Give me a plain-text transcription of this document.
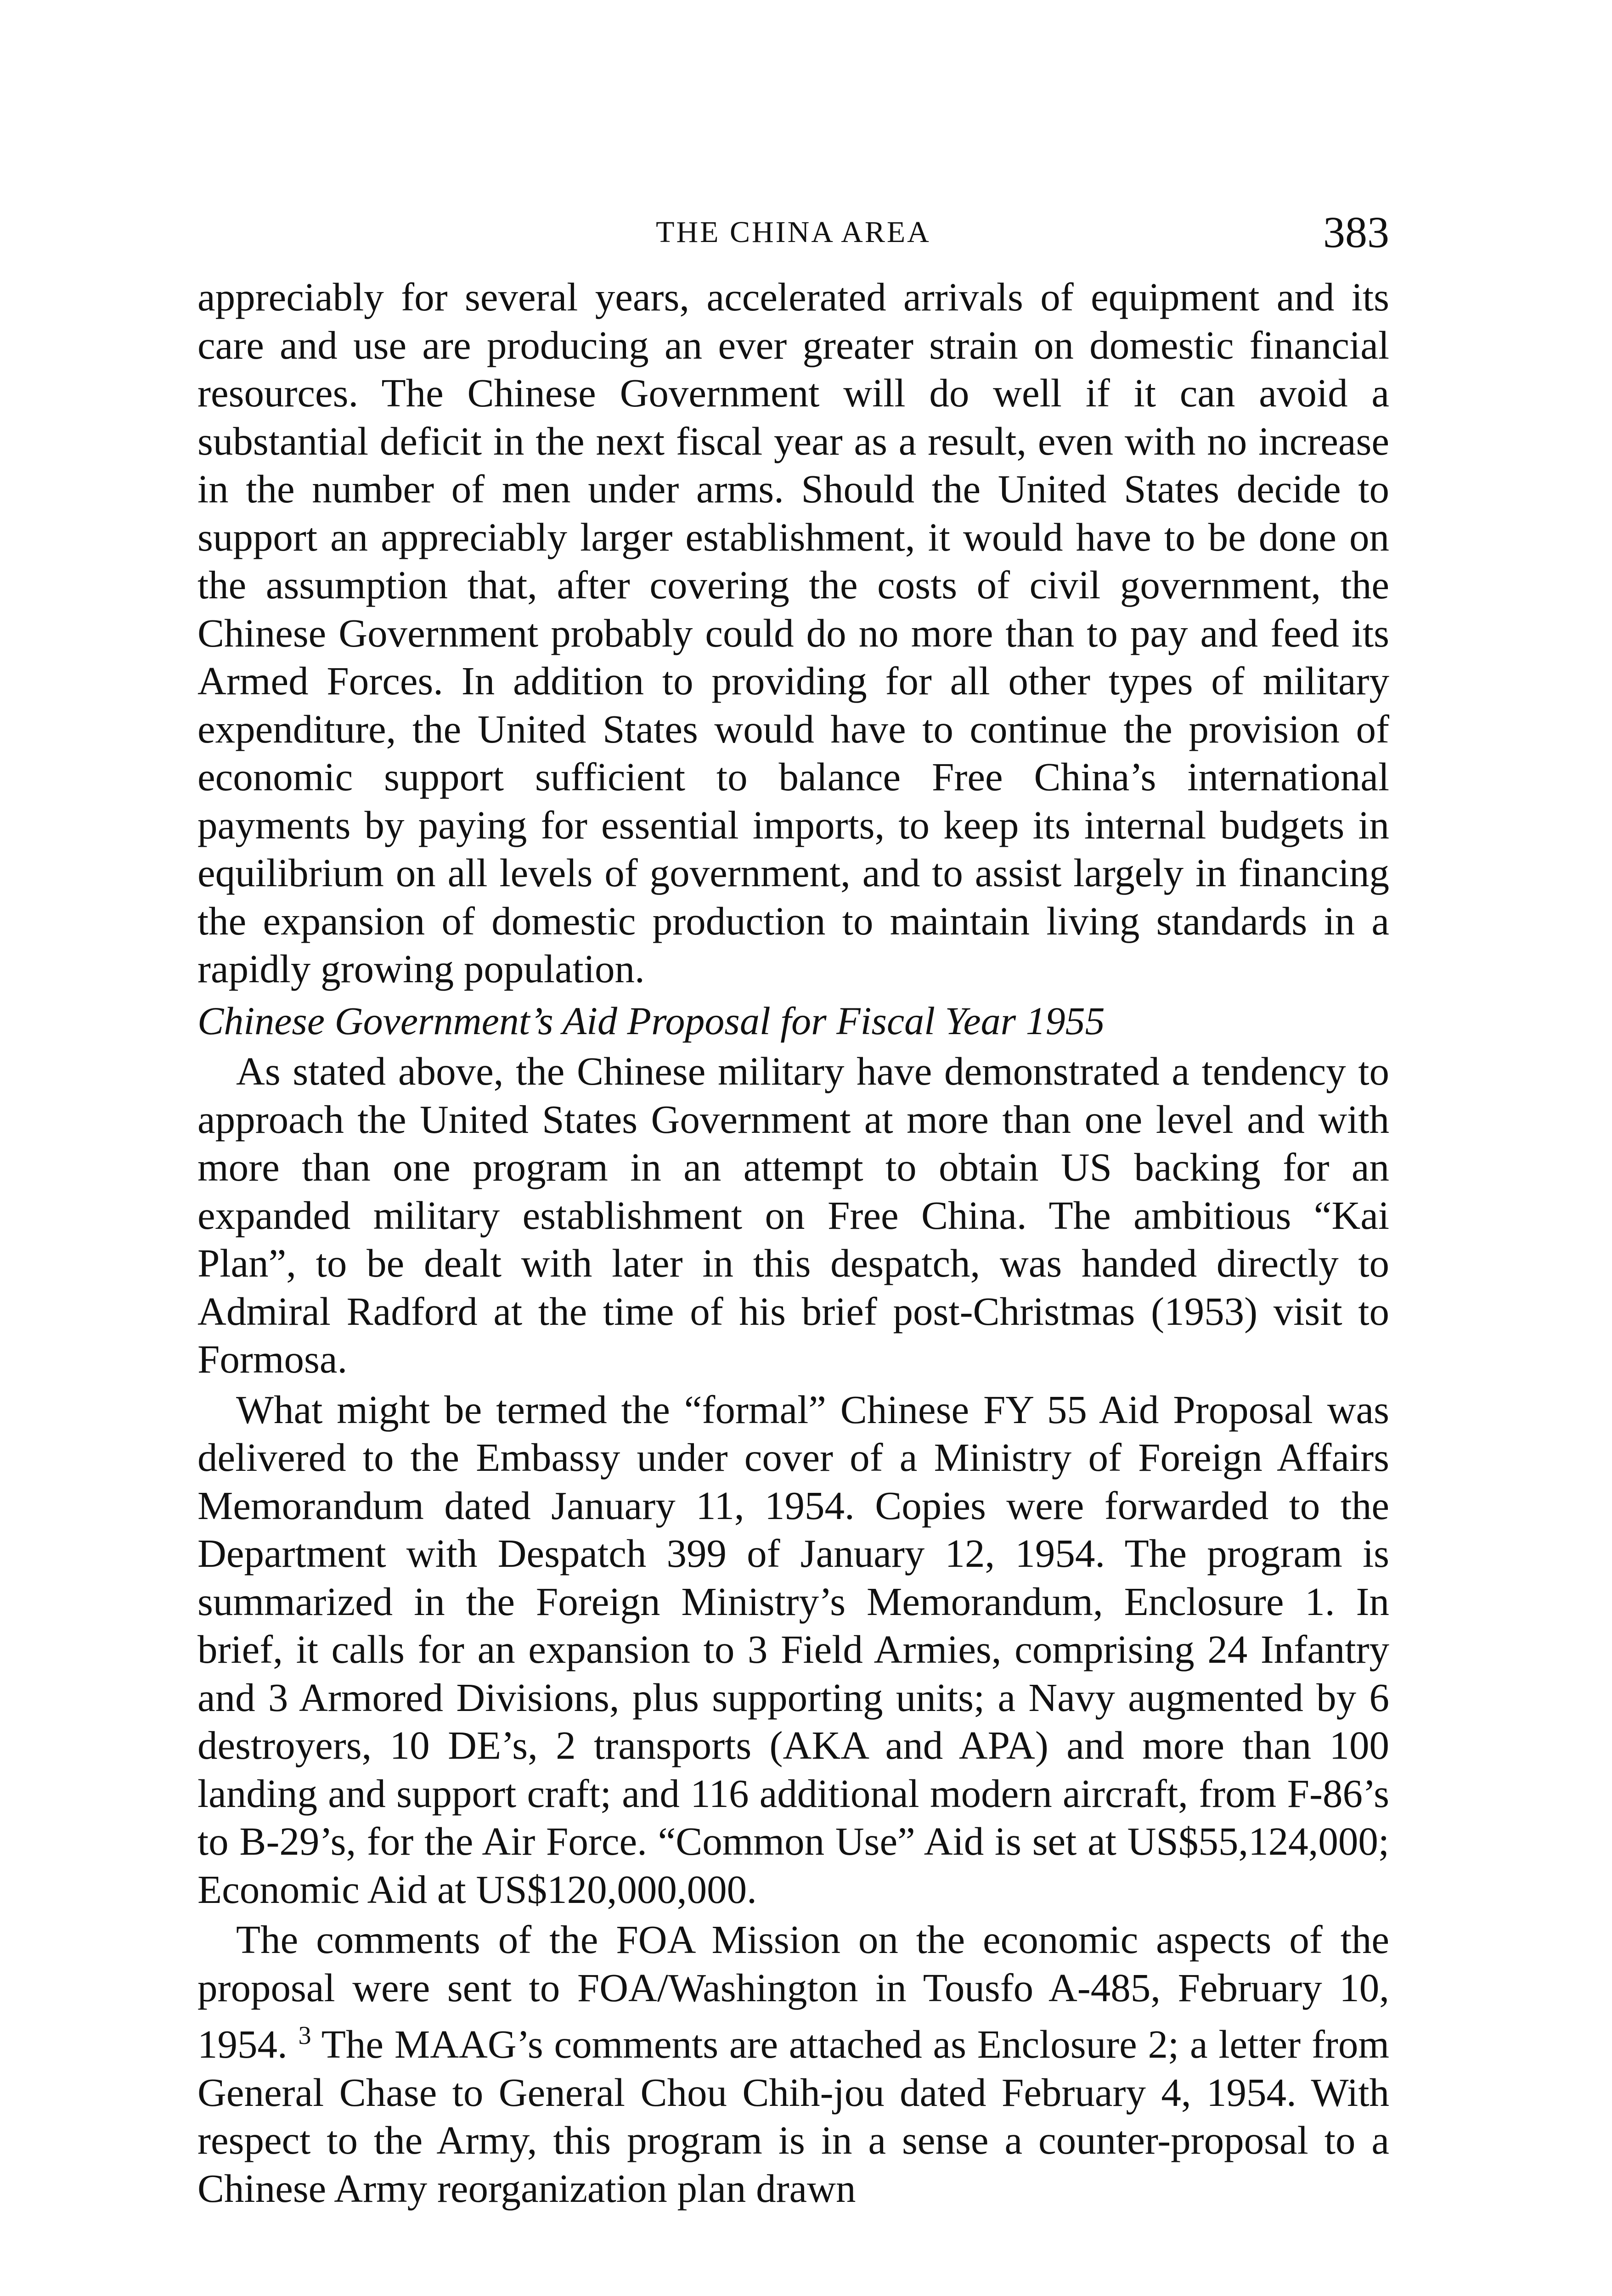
THE CHINA AREA	383

appreciably for several years, accelerated arrivals of equipment and its care and use are producing an ever greater strain on domestic financial resources. The Chinese Government will do well if it can avoid a substantial deficit in the next fiscal year as a result, even with no increase in the number of men under arms. Should the United States decide to support an appreciably larger establishment, it would have to be done on the assumption that, after covering the costs of civil government, the Chinese Government probably could do no more than to pay and feed its Armed Forces. In addition to providing for all other types of military expenditure, the United States would have to continue the provision of economic support sufficient to balance Free China’s international payments by paying for essential imports, to keep its internal budgets in equilibrium on all levels of government, and to assist largely in financing the expansion of domestic production to maintain living standards in a rapidly growing population.

Chinese Government’s Aid Proposal for Fiscal Year 1955

As stated above, the Chinese military have demonstrated a tendency to approach the United States Government at more than one level and with more than one program in an attempt to obtain US backing for an expanded military establishment on Free China. The ambitious “Kai Plan”, to be dealt with later in this despatch, was handed directly to Admiral Radford at the time of his brief post-Christmas (1953) visit to Formosa.

What might be termed the “formal” Chinese FY 55 Aid Proposal was delivered to the Embassy under cover of a Ministry of Foreign Affairs Memorandum dated January 11, 1954. Copies were forwarded to the Department with Despatch 399 of January 12, 1954. The program is summarized in the Foreign Ministry’s Memorandum, Enclosure 1. In brief, it calls for an expansion to 3 Field Armies, comprising 24 Infantry and 3 Armored Divisions, plus supporting units; a Navy augmented by 6 destroyers, 10 DE’s, 2 transports (AKA and APA) and more than 100 landing and support craft; and 116 additional modern aircraft, from F-86’s to B-29’s, for the Air Force. “Common Use” Aid is set at US$55,124,000; Economic Aid at US$120,000,000.

The comments of the FOA Mission on the economic aspects of the proposal were sent to FOA/Washington in Tousfo A-485, February 10, 1954. $^3$ The MAAG’s comments are attached as Enclosure 2; a letter from General Chase to General Chou Chih-jou dated February 4, 1954. With respect to the Army, this program is in a sense a counter-proposal to a Chinese Army reorganization plan drawn
